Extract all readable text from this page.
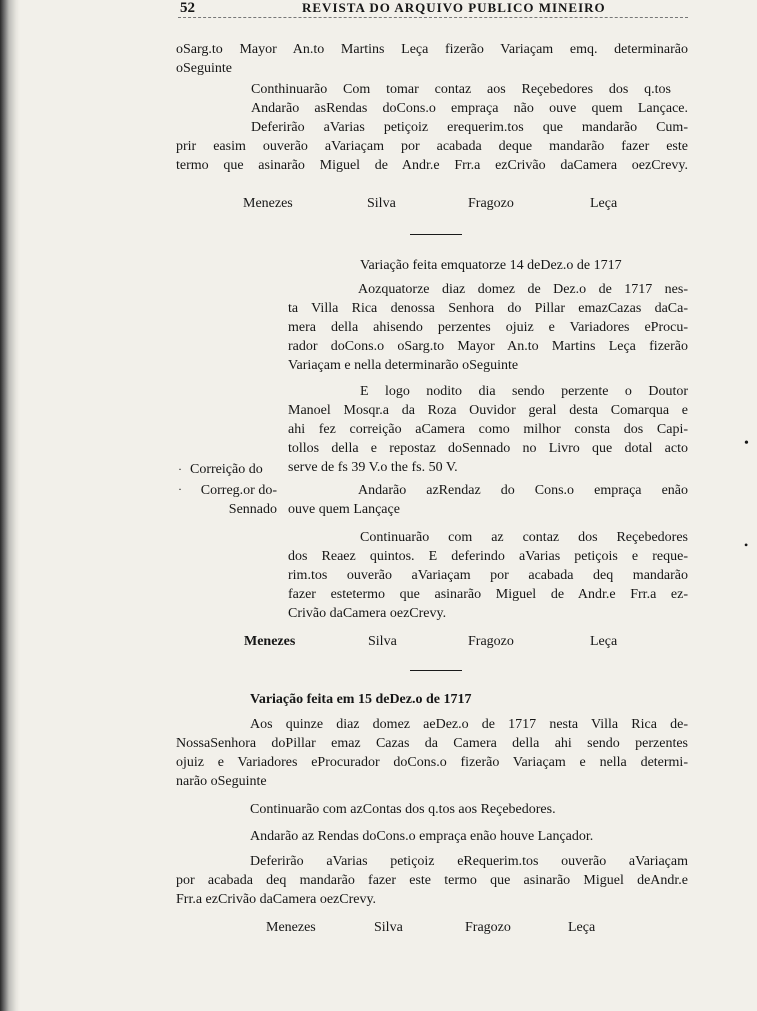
52	REVISTA DO ARQUIVO PUBLICO MINEIRO
oSarg.to Mayor An.to Martins Leça fizerão Variaçam emq. determinarão
oSeguinte
Conthinuarão Com tomar contaz aos Reçebedores dos q.tos
Andarão asRendas doCons.o empraça não ouve quem Lançace.
Deferirão aVarias petiçoiz erequerim.tos que mandarão Cum-
prir easim ouverão aVariaçam por acabada deque mandarão fazer este
termo que asinarão Miguel de Andr.e Frr.a ezCrivão daCamera oezCrevy.
Menezes	Silva	Fragozo	Leça
Variação feita emquatorze 14 deDez.o de 1717
Aozquatorze diaz domez de Dez.o de 1717 nes-
ta Villa Rica denossa Senhora do Pillar emazCazas daCa-
mera della ahisendo perzentes ojuiz e Variadores eProcu-
rador doCons.o oSarg.to Mayor An.to Martins Leça fizerão
Variaçam e nella determinarão oSeguinte
E logo nodito dia sendo perzente o Doutor
Manoel Mosqr.a da Roza Ouvidor geral desta Comarqua e
ahi fez correição aCamera como milhor consta dos Capi-
tollos della e repostaz doSennado no Livro que dotal acto
serve de fs 39 V.o the fs. 50 V.
Correição do
·
·	Correg.or do-
Sennado
Andarão azRendaz do Cons.o empraça enão
ouve quem Lançaçe
Continuarão com az contaz dos Reçebedores
dos Reaez quintos. E deferindo aVarias petiçois e reque-
rim.tos ouverão aVariaçam por acabada deq mandarão
fazer estetermo que asinarão Miguel de Andr.e Frr.a ez-
Crivão daCamera oezCrevy.
Menezes	Silva	Fragozo	Leça
•
•
Variação feita em 15 deDez.o de 1717
Aos quinze diaz domez aeDez.o de 1717 nesta Villa Rica de-
NossaSenhora doPillar emaz Cazas da Camera della ahi sendo perzentes
ojuiz e Variadores eProcurador doCons.o fizerão Variaçam e nella determi-
narão oSeguinte
Continuarão com azContas dos q.tos aos Reçebedores.
Andarão az Rendas doCons.o empraça enão houve Lançador.
Deferirão aVarias petiçoiz eRequerim.tos ouverão aVariaçam
por acabada deq mandarão fazer este termo que asinarão Miguel deAndr.e
Frr.a ezCrivão daCamera oezCrevy.
Menezes	Silva	Fragozo	Leça
